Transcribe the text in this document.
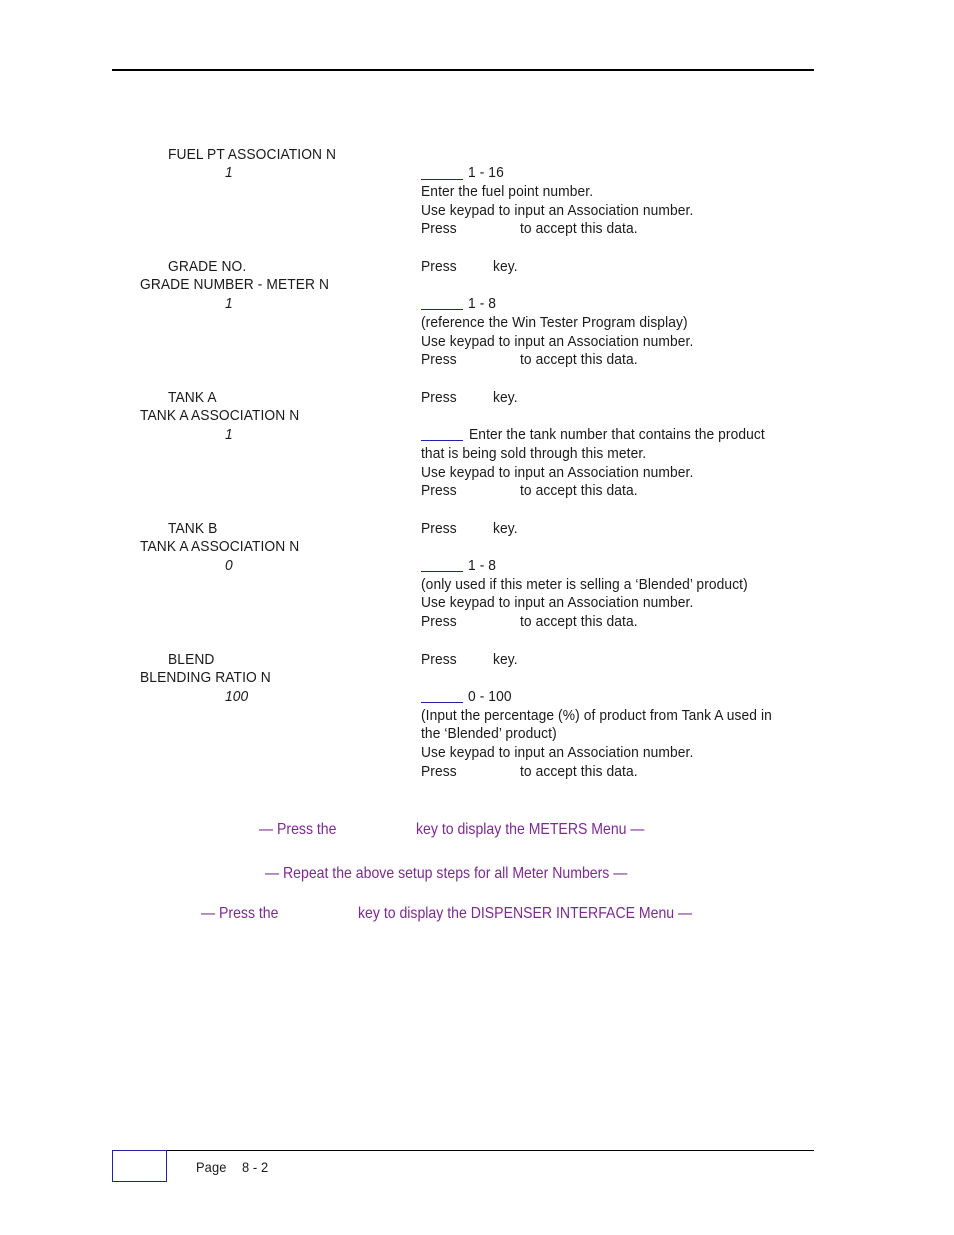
FUEL PT ASSOCIATION N
1	1 - 16
Enter the fuel point number.
Use keypad to input an Association number.
Press	to accept this data.
Press key.
GRADE NO.
GRADE NUMBER - METER N
1	1 - 8
(reference the Win Tester Program display)
Use keypad to input an Association number.
Press	to accept this data.
Press key.
TANK A
TANK A ASSOCIATION N
1	Enter the tank number that contains the product
that is being sold through this meter.
Use keypad to input an Association number.
Press	to accept this data.
Press key.
TANK B
TANK A ASSOCIATION N
0	1 - 8
(only used if this meter is selling a ‘Blended’ product)
Use keypad to input an Association number.
Press	to accept this data.
Press key.
BLEND
BLENDING RATIO N
100	0 - 100
(Input the percentage (%) of product from Tank A used in
the ‘Blended’ product)
Use keypad to input an Association number.
Press	to accept this data.
— Press the	key to display the METERS Menu —
— Repeat the above setup steps for all Meter Numbers —
— Press the	key to display the DISPENSER INTERFACE Menu —
Page 8 - 2
